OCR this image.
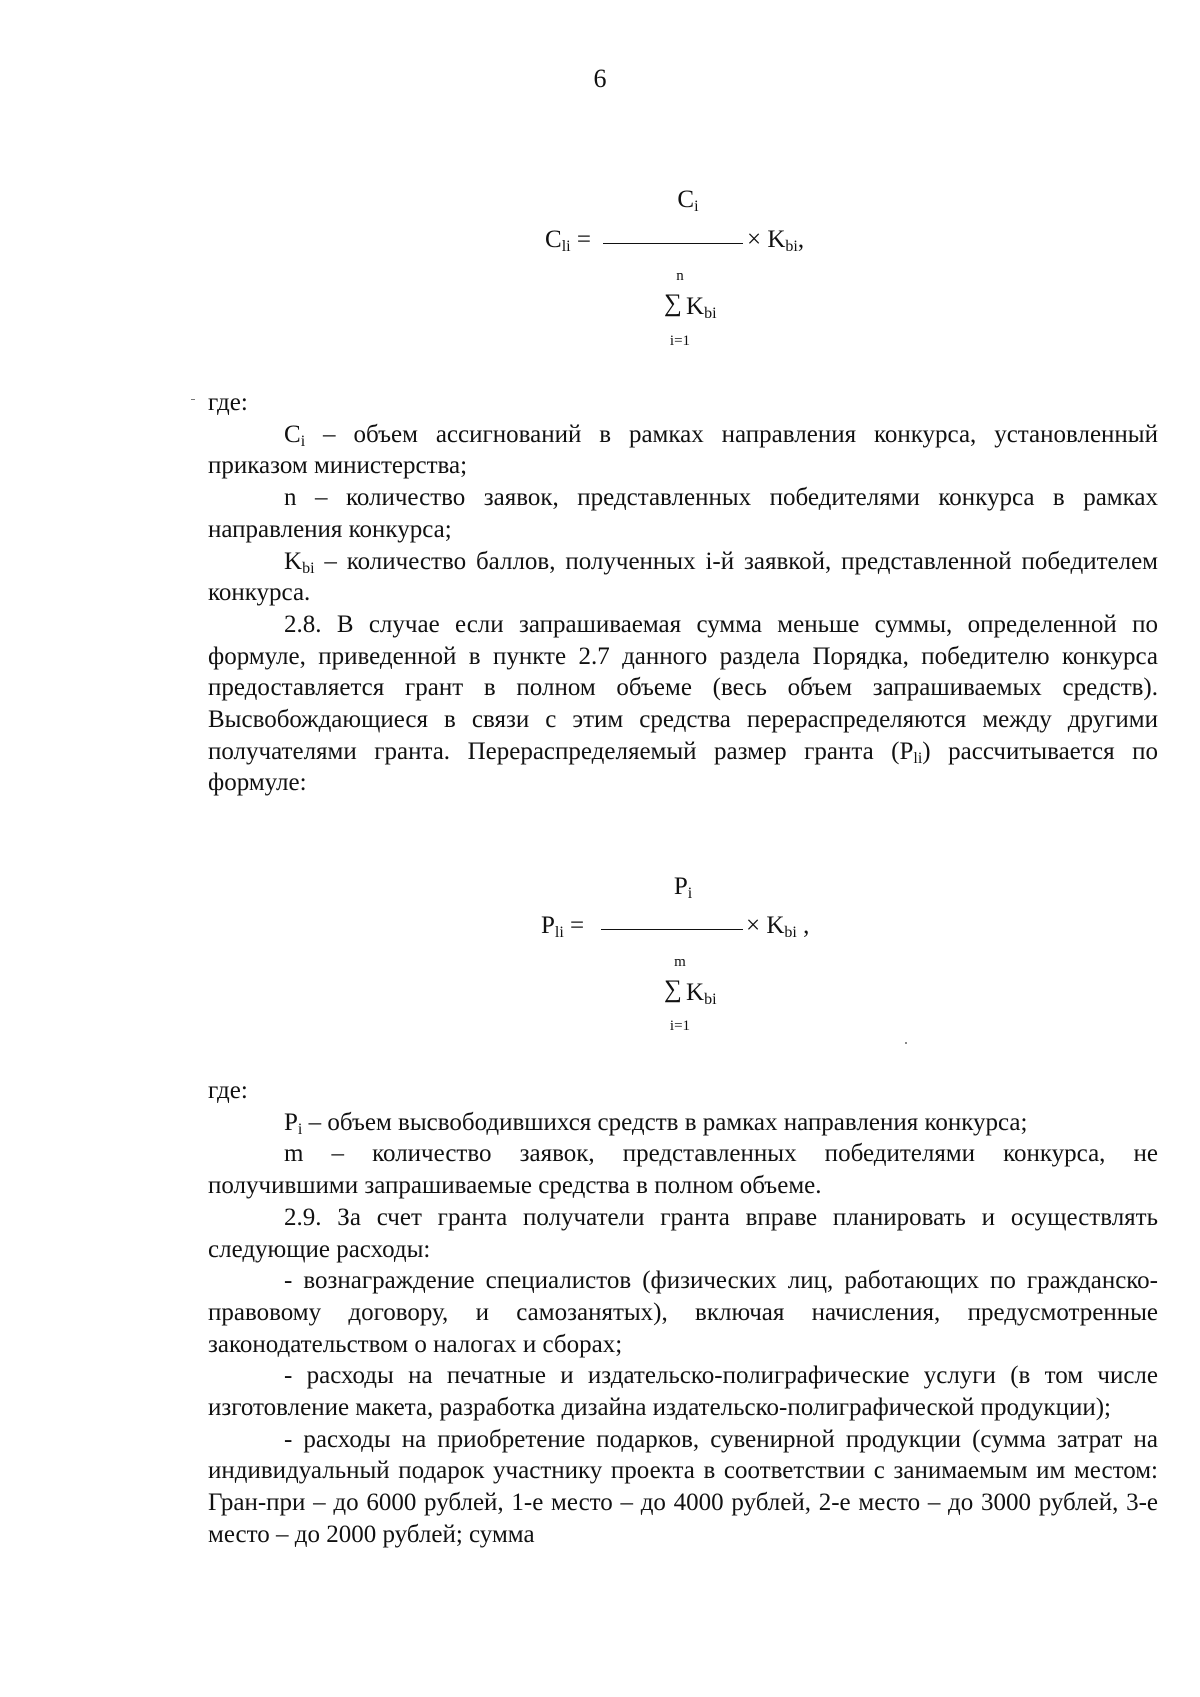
6
$C_{li}$ =
$C_i$
× $K_{bi}$,
n
∑ $K_{bi}$
i=1

где:

$C_i$ – объем ассигнований в рамках направления конкурса, установленный приказом министерства;

n – количество заявок, представленных победителями конкурса в рамках направления конкурса;

$K_{bi}$ – количество баллов, полученных i-й заявкой, представленной победителем конкурса.

2.8. В случае если запрашиваемая сумма меньше суммы, определенной по формуле, приведенной в пункте 2.7 данного раздела Порядка, победителю конкурса предоставляется грант в полном объеме (весь объем запрашиваемых средств). Высвобождающиеся в связи с этим средства перераспределяются между другими получателями гранта. Перераспределяемый размер гранта $(P_{li})$ рассчитывается по формуле:

$P_{li}$ =
$P_i$
× $K_{bi}$ ,
m
∑ $K_{bi}$
i=1

где:

$P_i$ – объем высвободившихся средств в рамках направления конкурса;

m – количество заявок, представленных победителями конкурса, не получившими запрашиваемые средства в полном объеме.

2.9. За счет гранта получатели гранта вправе планировать и осуществлять следующие расходы:

- вознаграждение специалистов (физических лиц, работающих по гражданско-правовому договору, и самозанятых), включая начисления, предусмотренные законодательством о налогах и сборах;

- расходы на печатные и издательско-полиграфические услуги (в том числе изготовление макета, разработка дизайна издательско-полиграфической продукции);

- расходы на приобретение подарков, сувенирной продукции (сумма затрат на индивидуальный подарок участнику проекта в соответствии с занимаемым им местом: Гран-при – до 6000 рублей, 1-е место – до 4000 рублей, 2-е место – до 3000 рублей, 3-е место – до 2000 рублей; сумма
